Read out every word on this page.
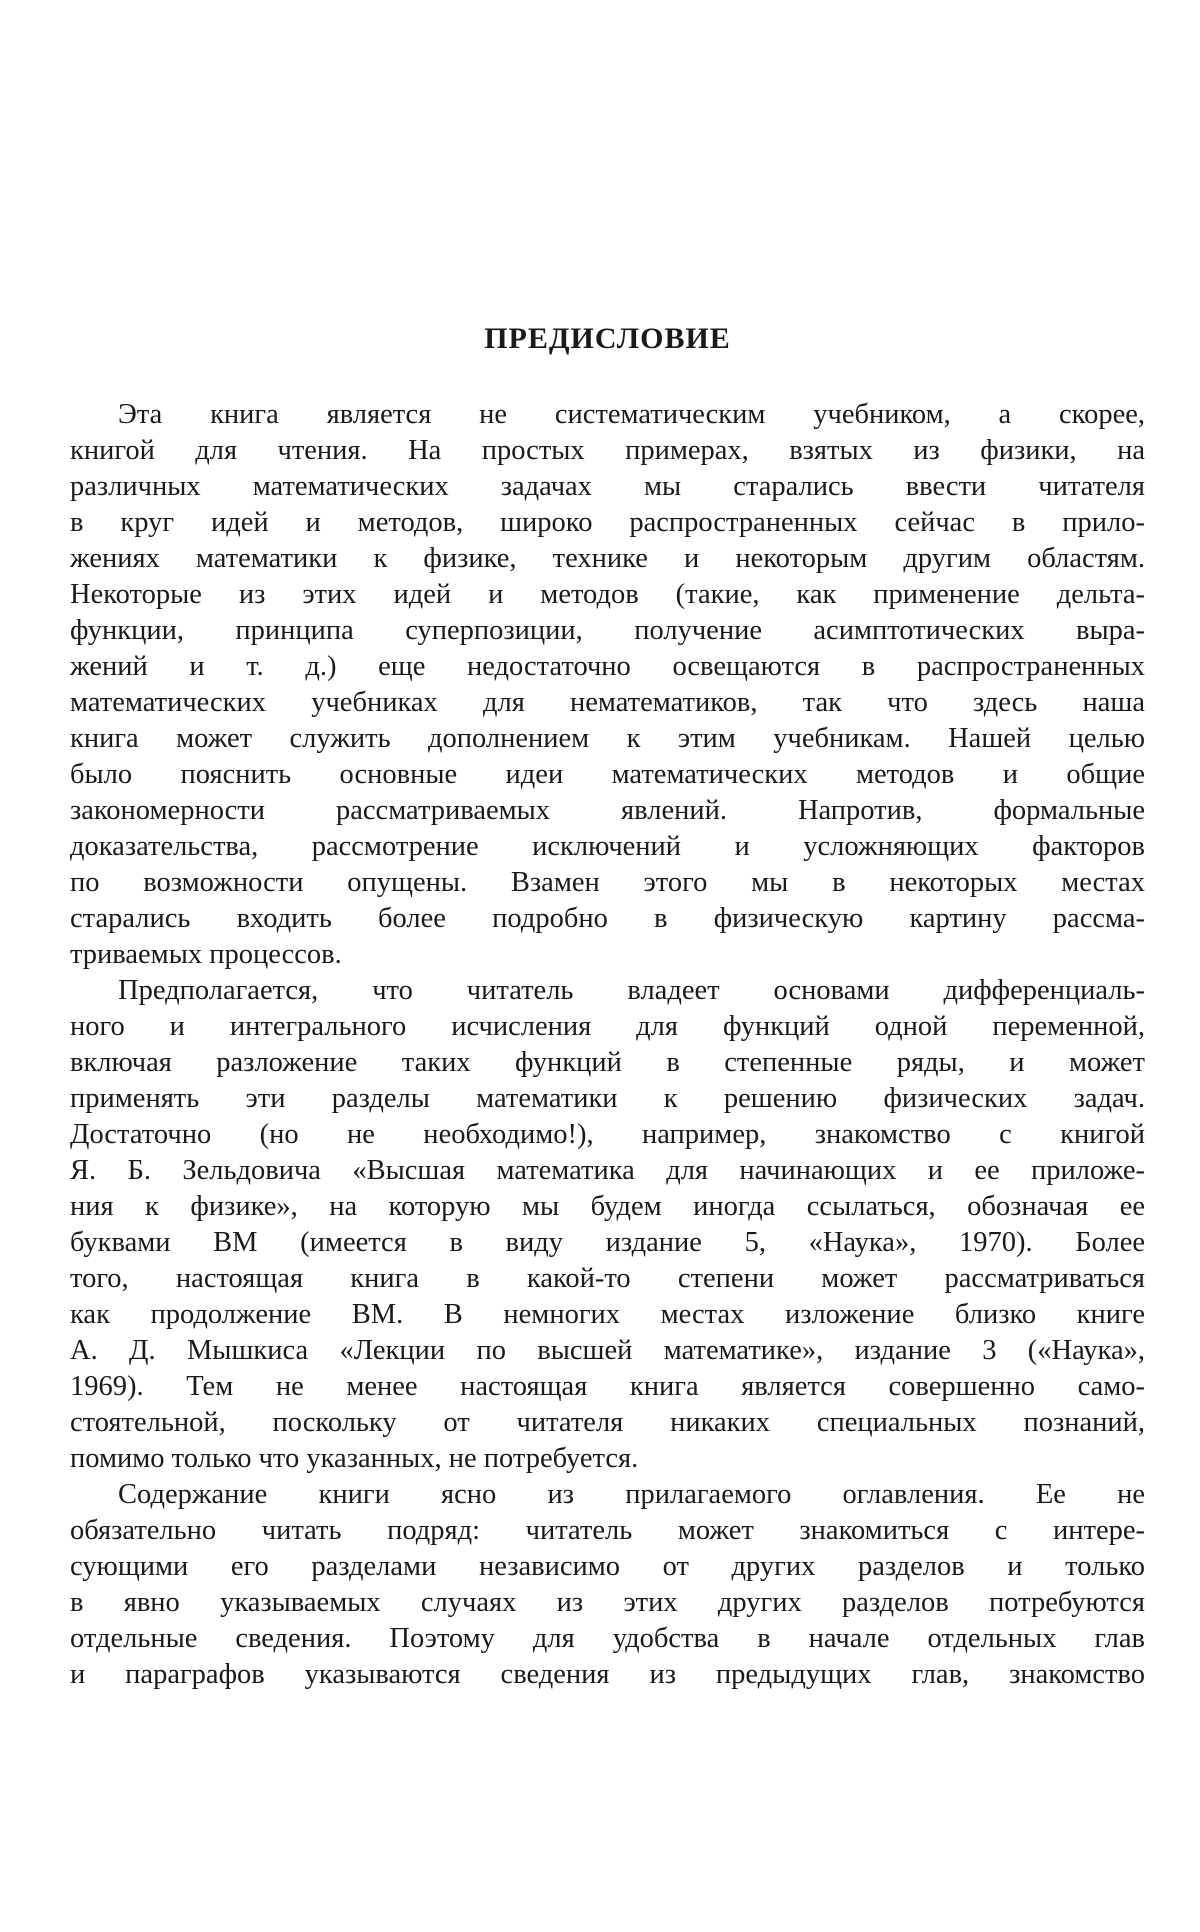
ПРЕДИСЛОВИЕ

Эта книга является не систематическим учебником, а скорее,
книгой для чтения. На простых примерах, взятых из физики, на
различных математических задачах мы старались ввести читателя
в круг идей и методов, широко распространенных сейчас в прило-
жениях математики к физике, технике и некоторым другим областям.
Некоторые из этих идей и методов (такие, как применение дельта-
функции, принципа суперпозиции, получение асимптотических выра-
жений и т. д.) еще недостаточно освещаются в распространенных
математических учебниках для нематематиков, так что здесь наша
книга может служить дополнением к этим учебникам. Нашей целью
было пояснить основные идеи математических методов и общие
закономерности рассматриваемых явлений. Напротив, формальные
доказательства, рассмотрение исключений и усложняющих факторов
по возможности опущены. Взамен этого мы в некоторых местах
старались входить более подробно в физическую картину рассма-
триваемых процессов.

Предполагается, что читатель владеет основами дифференциаль-
ного и интегрального исчисления для функций одной переменной,
включая разложение таких функций в степенные ряды, и может
применять эти разделы математики к решению физических задач.
Достаточно (но не необходимо!), например, знакомство с книгой
Я. Б. Зельдовича «Высшая математика для начинающих и ее приложе-
ния к физике», на которую мы будем иногда ссылаться, обозначая ее
буквами ВМ (имеется в виду издание 5, «Наука», 1970). Более
того, настоящая книга в какой-то степени может рассматриваться
как продолжение ВМ. В немногих местах изложение близко книге
А. Д. Мышкиса «Лекции по высшей математике», издание 3 («Наука»,
1969). Тем не менее настоящая книга является совершенно само-
стоятельной, поскольку от читателя никаких специальных познаний,
помимо только что указанных, не потребуется.

Содержание книги ясно из прилагаемого оглавления. Ее не
обязательно читать подряд: читатель может знакомиться с интере-
сующими его разделами независимо от других разделов и только
в явно указываемых случаях из этих других разделов потребуются
отдельные сведения. Поэтому для удобства в начале отдельных глав
и параграфов указываются сведения из предыдущих глав, знакомство
